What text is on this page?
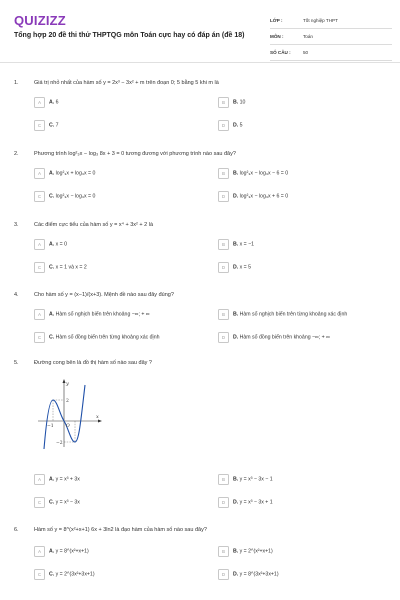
QUIZIZZ
Tổng hợp 20 đề thi thử THPTQG môn Toán cực hay có đáp án (đề 18)
LỚP :	Tốt nghiệp THPT
MÔN :	Toán
SỐ CÂU :	50
1.	Giá trị nhỏ nhất của hàm số y = 2x³ − 3x² + m trên đoạn 0; 5 bằng 5 khi m là
A A. 6	B B. 10
C C. 7	D D. 5
2.	Phương trình log²₃x − log₃ 8x + 3 = 0 tương đương với phương trình nào sau đây?
A A. log²₃x + log₃x = 0	B B. log²₃x − log₃x − 6 = 0
C C. log²₃x − log₃x = 0	D D. log²₃x − log₃x + 6 = 0
3.	Các điểm cực tiểu của hàm số y = x⁴ + 3x² + 2 là
A A. x = 0	B B. x = −1
C C. x = 1 và x = 2	D D. x = 5
4.	Cho hàm số y = (x−1)/(x+3). Mệnh đề nào sau đây đúng?
A A. Hàm số nghịch biến trên khoảng −∞; + ∞	B B. Hàm số nghịch biến trên từng khoảng xác định
C C. Hàm số đồng biến trên từng khoảng xác định	D D. Hàm số đồng biến trên khoảng −∞; + ∞
5.	Đường cong bên là đồ thị hàm số nào sau đây ?
A A. y = x³ + 3x	B B. y = x³ − 3x − 1
C C. y = x³ − 3x	D D. y = x³ − 3x + 1
y
x
O
2
−2
−1
6.	Hàm số y = 8^(x²+x+1) 6x + 3ln2 là đạo hàm của hàm số nào sau đây?
A A. y = 8^(x²+x+1)	B B. y = 2^(x²+x+1)
C C. y = 2^(3x²+3x+1)	D D. y = 8^(3x²+3x+1)
